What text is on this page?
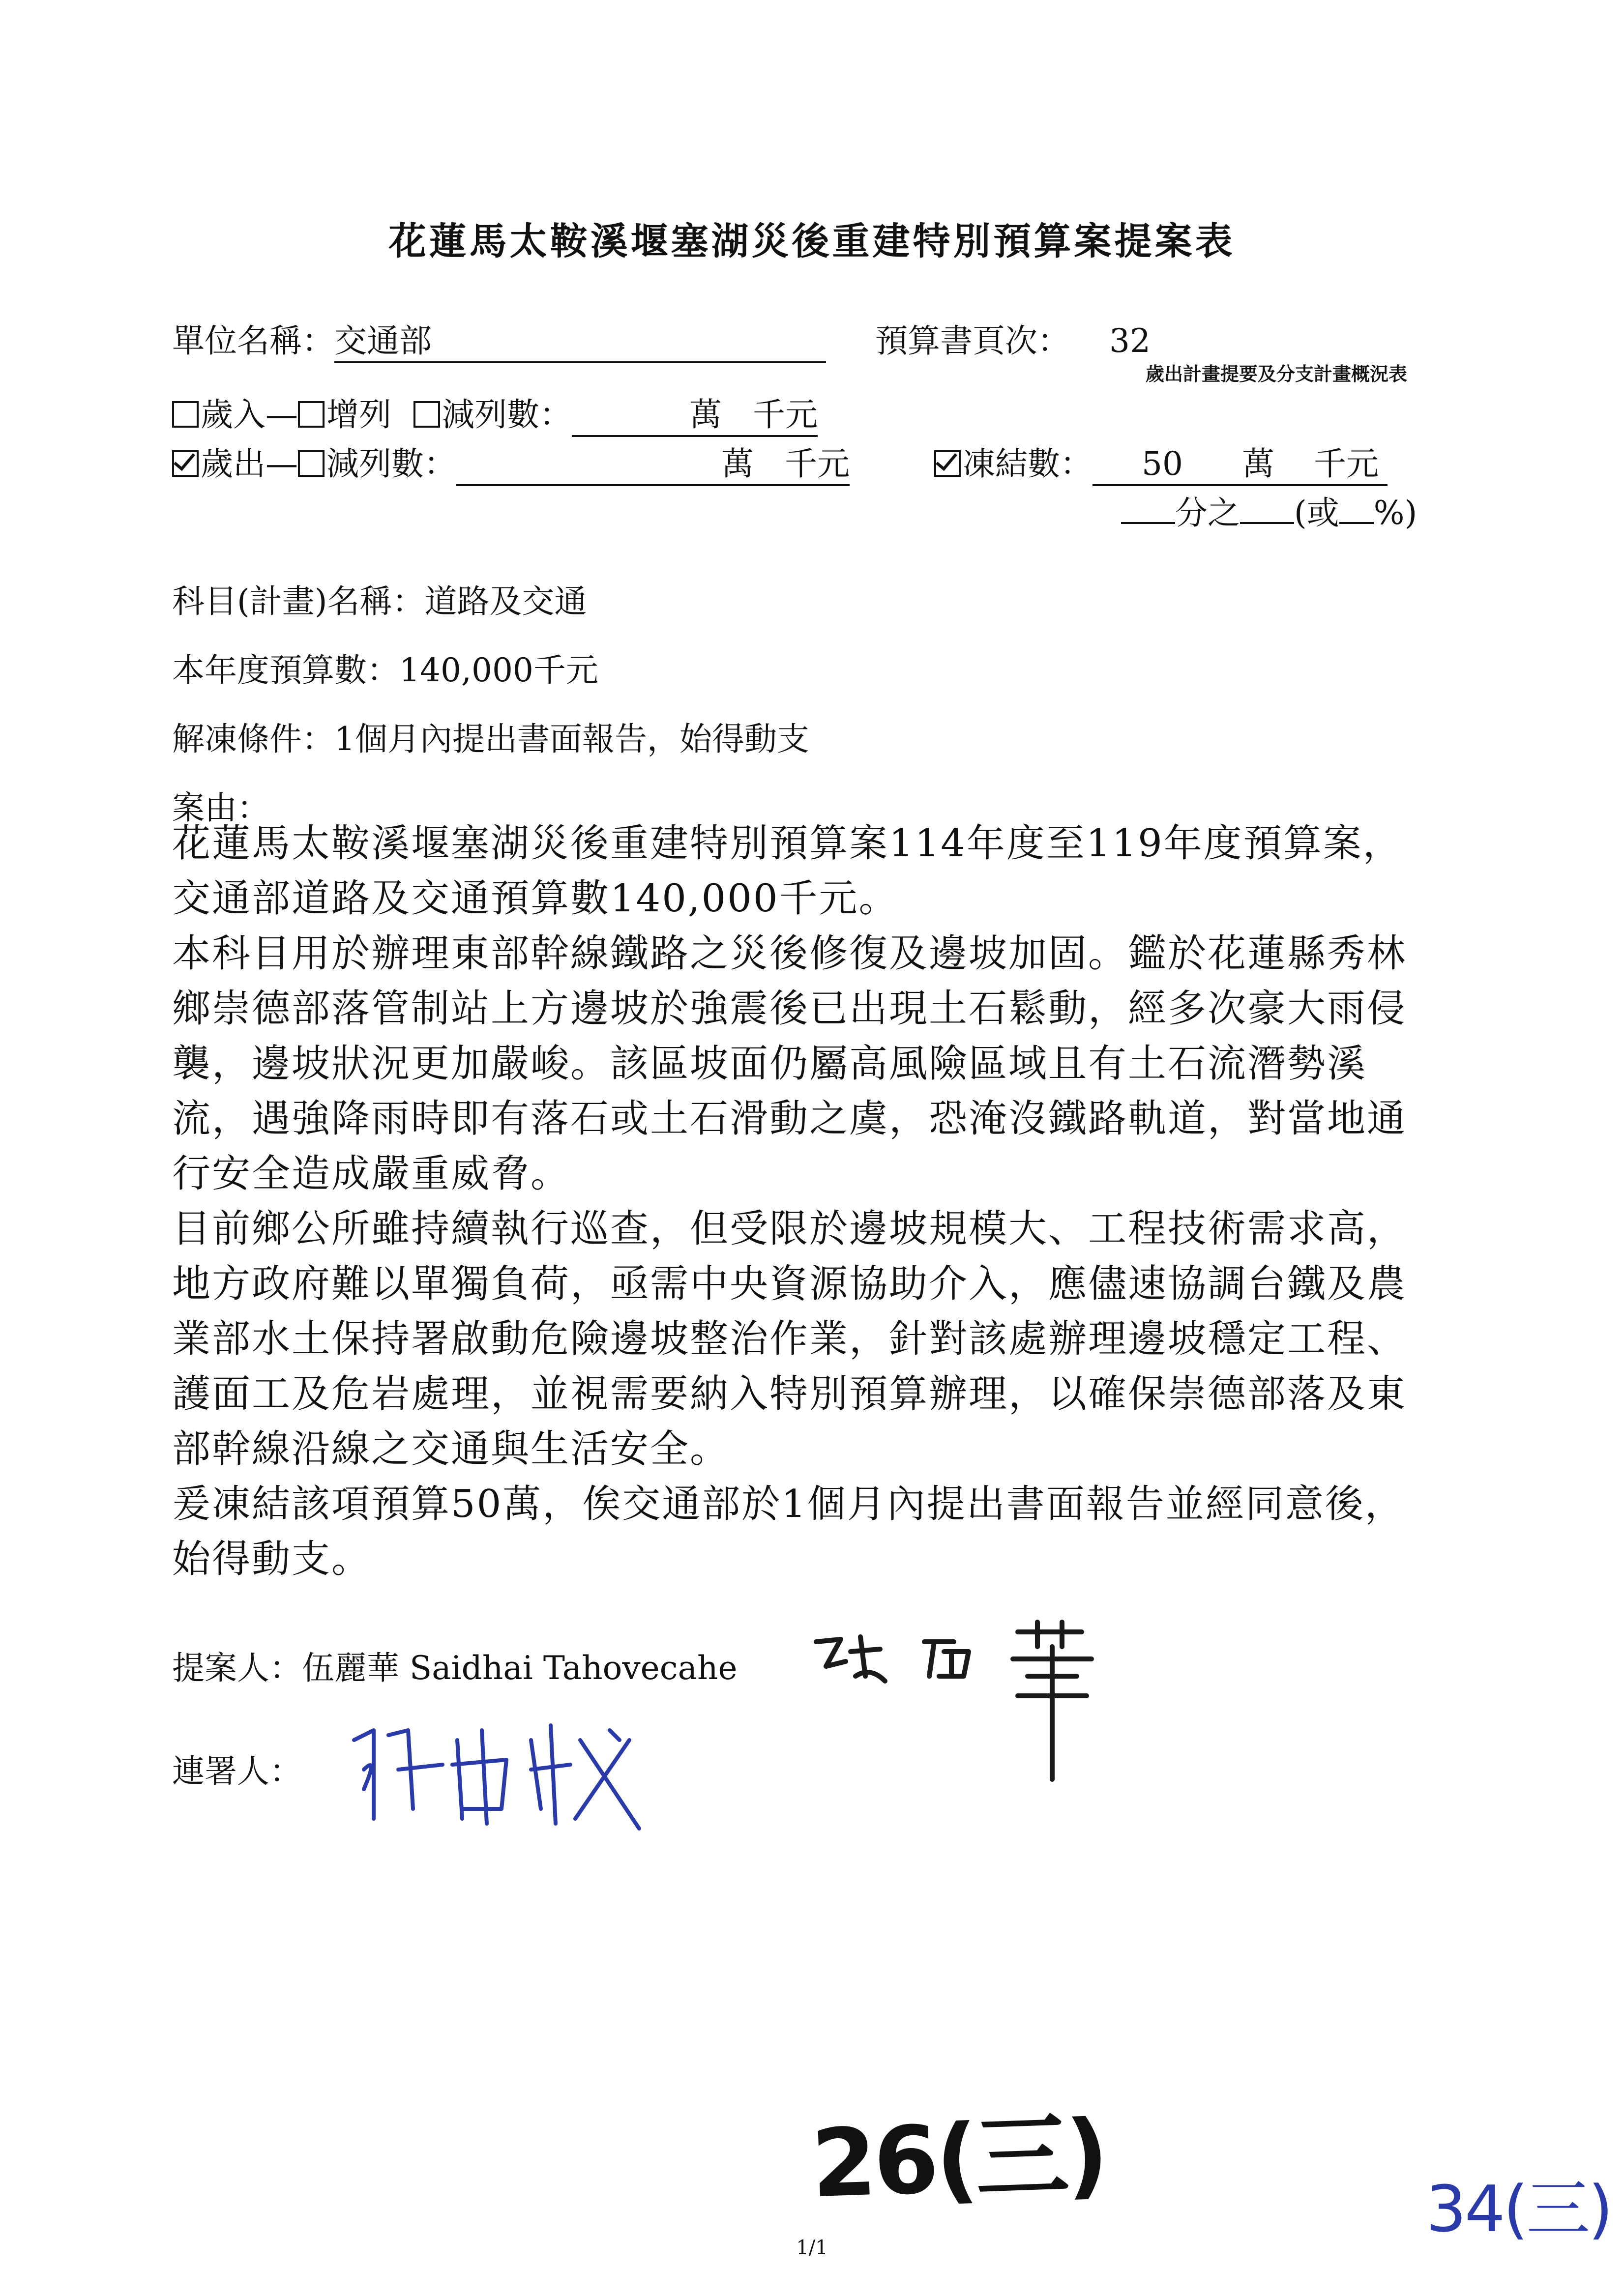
花蓮馬太鞍溪堰塞湖災後重建特別預算案提案表
單位名稱：交通部	預算書頁次： 32
歲出計畫提要及分支計畫概況表
歲入— 增列 減列數：	萬 千元
歲出— 減列數：	萬 千元	凍結數： 50 萬 千元
分之 (或 %)
科目(計畫)名稱：道路及交通
本年度預算數：140,000千元
解凍條件：1個月內提出書面報告，始得動支
案由：

花蓮馬太鞍溪堰塞湖災後重建特別預算案114年度至119年度預算案，交通部道路及交通預算數140,000千元。

本科目用於辦理東部幹線鐵路之災後修復及邊坡加固。鑑於花蓮縣秀林鄉崇德部落管制站上方邊坡於強震後已出現土石鬆動，經多次豪大雨侵襲，邊坡狀況更加嚴峻。該區坡面仍屬高風險區域且有土石流潛勢溪流，遇強降雨時即有落石或土石滑動之虞，恐淹沒鐵路軌道，對當地通行安全造成嚴重威脅。

目前鄉公所雖持續執行巡查，但受限於邊坡規模大、工程技術需求高，地方政府難以單獨負荷，亟需中央資源協助介入，應儘速協調台鐵及農業部水土保持署啟動危險邊坡整治作業，針對該處辦理邊坡穩定工程、護面工及危岩處理，並視需要納入特別預算辦理，以確保崇德部落及東部幹線沿線之交通與生活安全。

爰凍結該項預算50萬，俟交通部於1個月內提出書面報告並經同意後，始得動支。

提案人：伍麗華 Saidhai Tahovecahe
連署人：
26(三)	34(三)
1/1
